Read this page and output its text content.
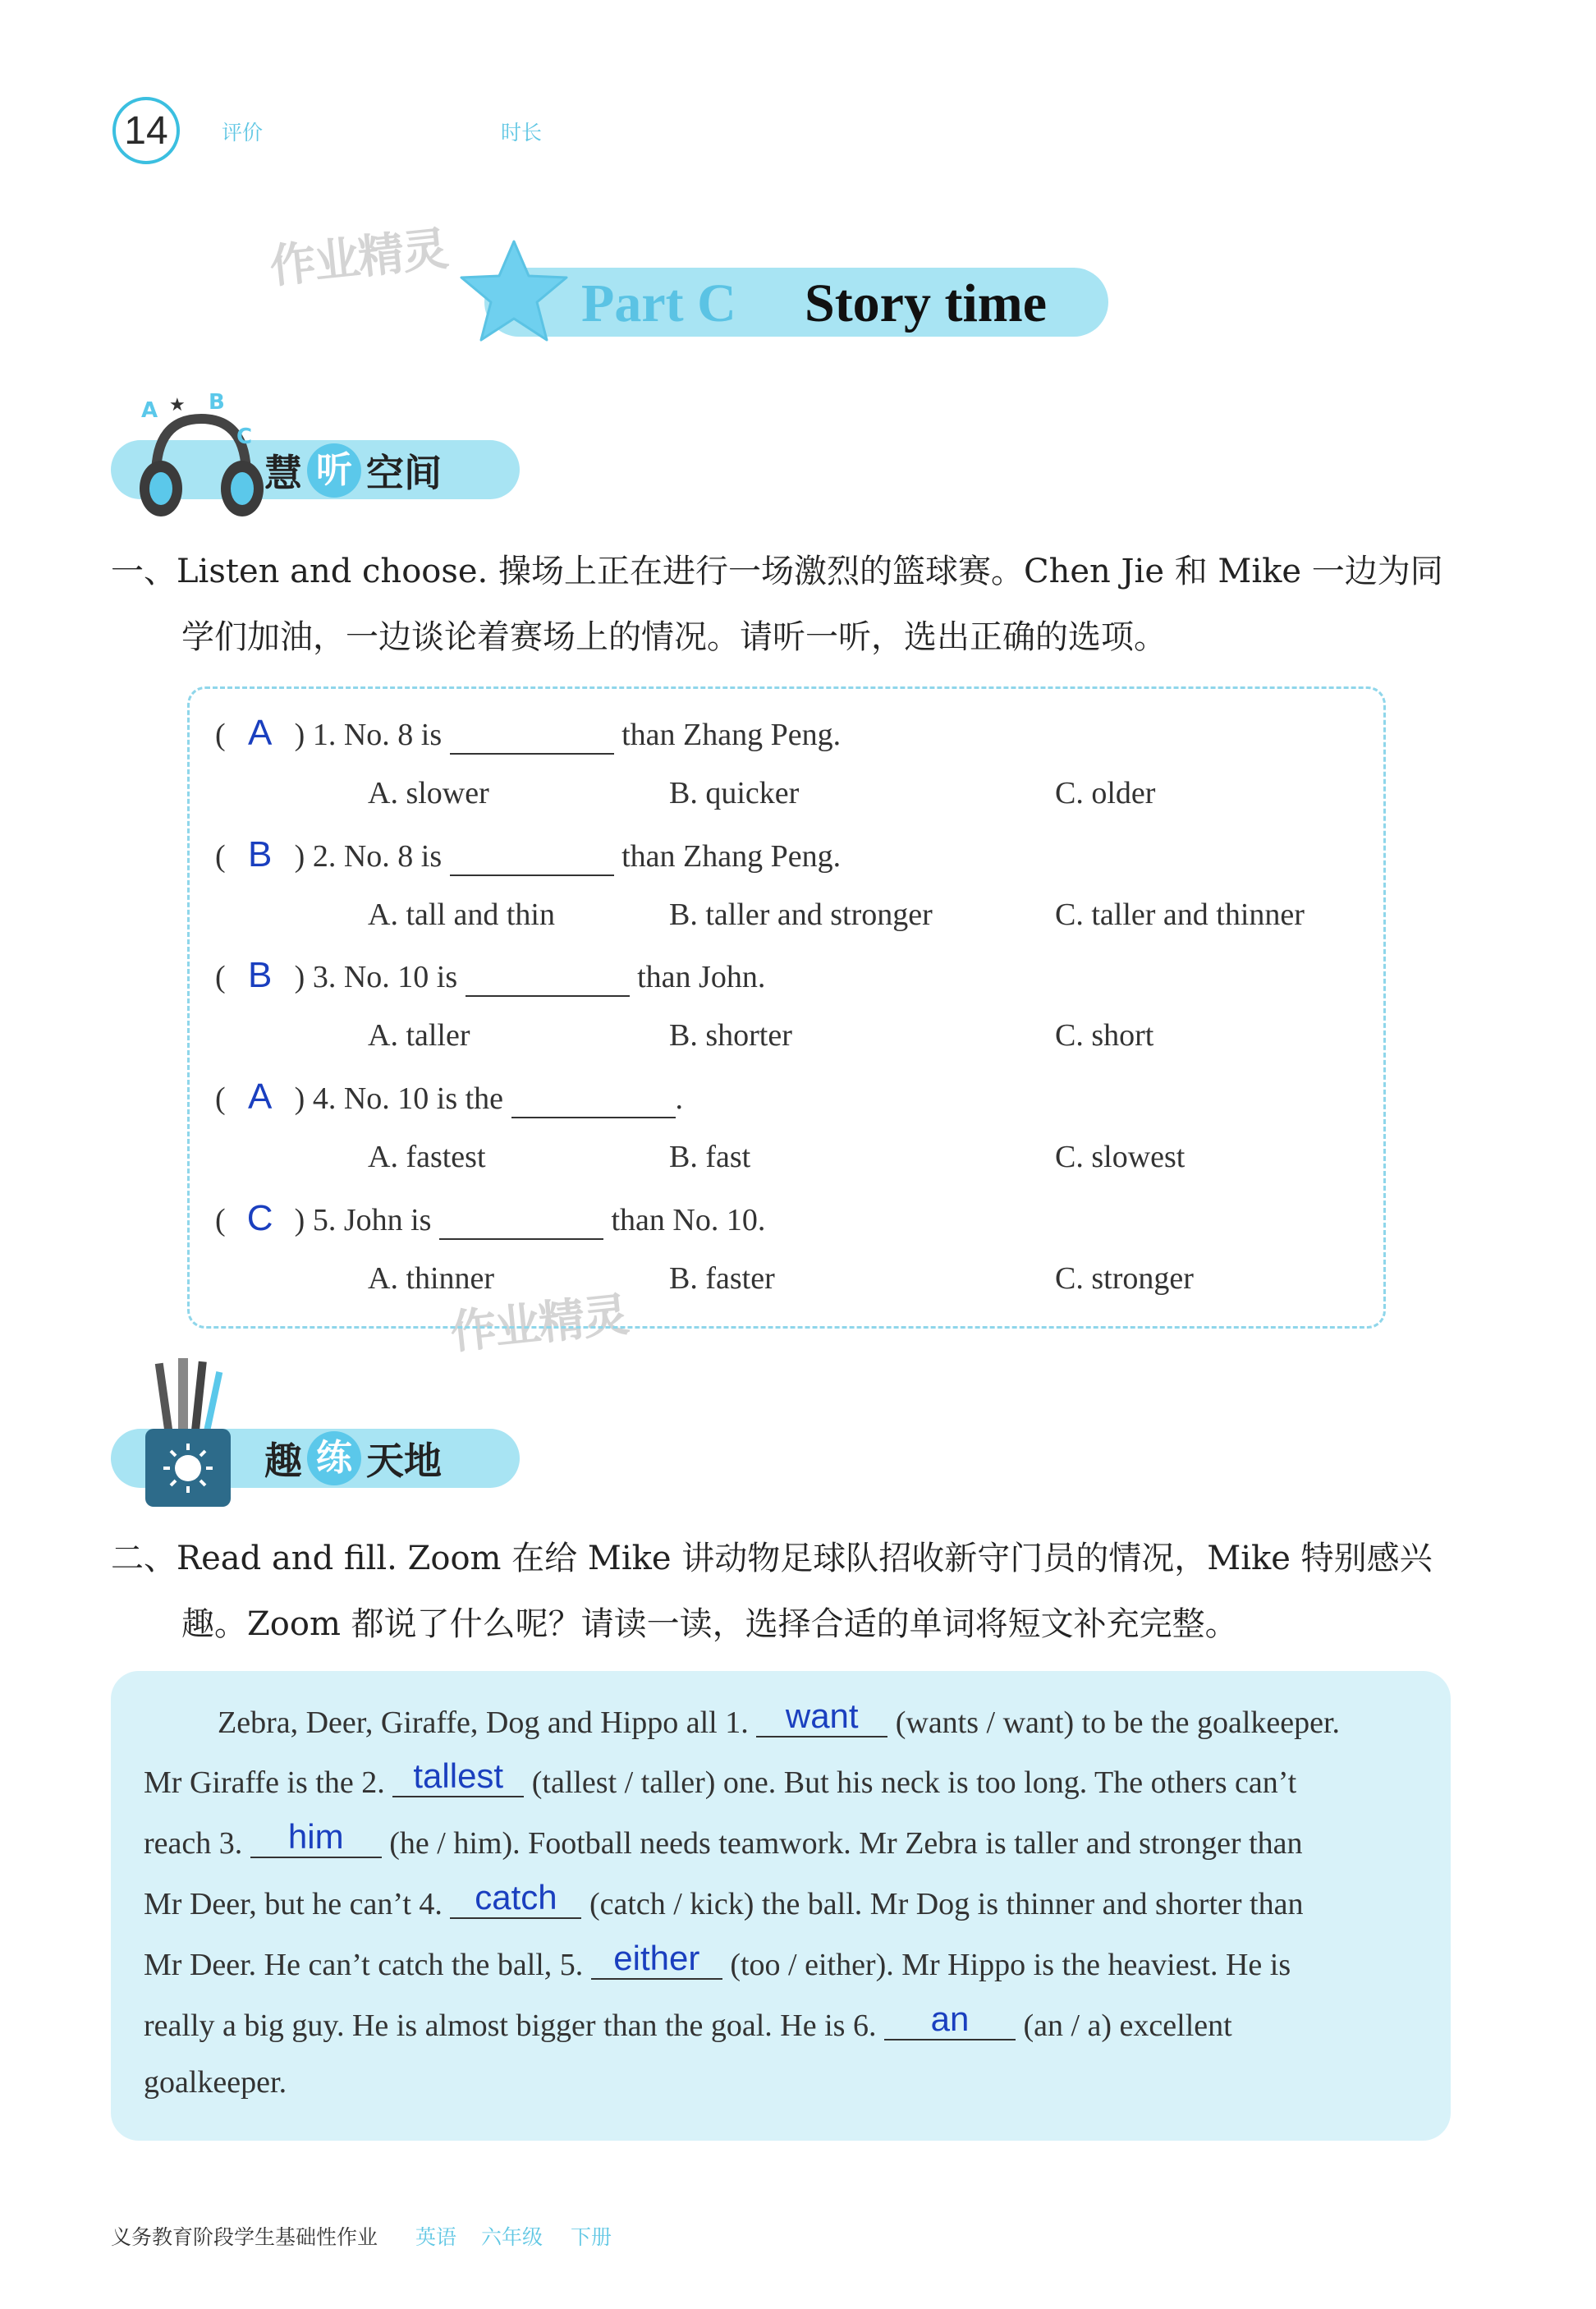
14	评价	时长
作业精灵
作业精灵
Part C Story time
A B
C
★
慧 听 空间
一、Listen and choose. 操场上正在进行一场激烈的篮球赛。Chen Jie 和 Mike 一边为同
学们加油，一边谈论着赛场上的情况。请听一听，选出正确的选项。
(  A  ) 1. No. 8 is	than Zhang Peng.
A. slower	B. quicker	C. older
(  B  ) 2. No. 8 is	than Zhang Peng.
A. tall and thin	B. taller and stronger	C. taller and thinner
(  B  ) 3. No. 10 is	than John.
A. taller	B. shorter	C. short
(  A  ) 4. No. 10 is the	.
A. fastest	B. fast	C. slowest
(  C  ) 5. John is	than No. 10.
A. thinner	B. faster	C. stronger
趣 练 天地
二、Read and fill. Zoom 在给 Mike 讲动物足球队招收新守门员的情况，Mike 特别感兴
趣。Zoom 都说了什么呢？请读一读，选择合适的单词将短文补充完整。
Zebra, Deer, Giraffe, Dog and Hippo all 1. want (wants / want) to be the goalkeeper.
Mr Giraffe is the 2. tallest (tallest / taller) one. But his neck is too long. The others can’t
reach 3. him (he / him). Football needs teamwork. Mr Zebra is taller and stronger than
Mr Deer, but he can’t 4. catch (catch / kick) the ball. Mr Dog is thinner and shorter than
Mr Deer. He can’t catch the ball, 5. either (too / either). Mr Hippo is the heaviest. He is
really a big guy. He is almost bigger than the goal. He is 6. an (an / a) excellent
goalkeeper.
义务教育阶段学生基础性作业 英语 六年级 下册
